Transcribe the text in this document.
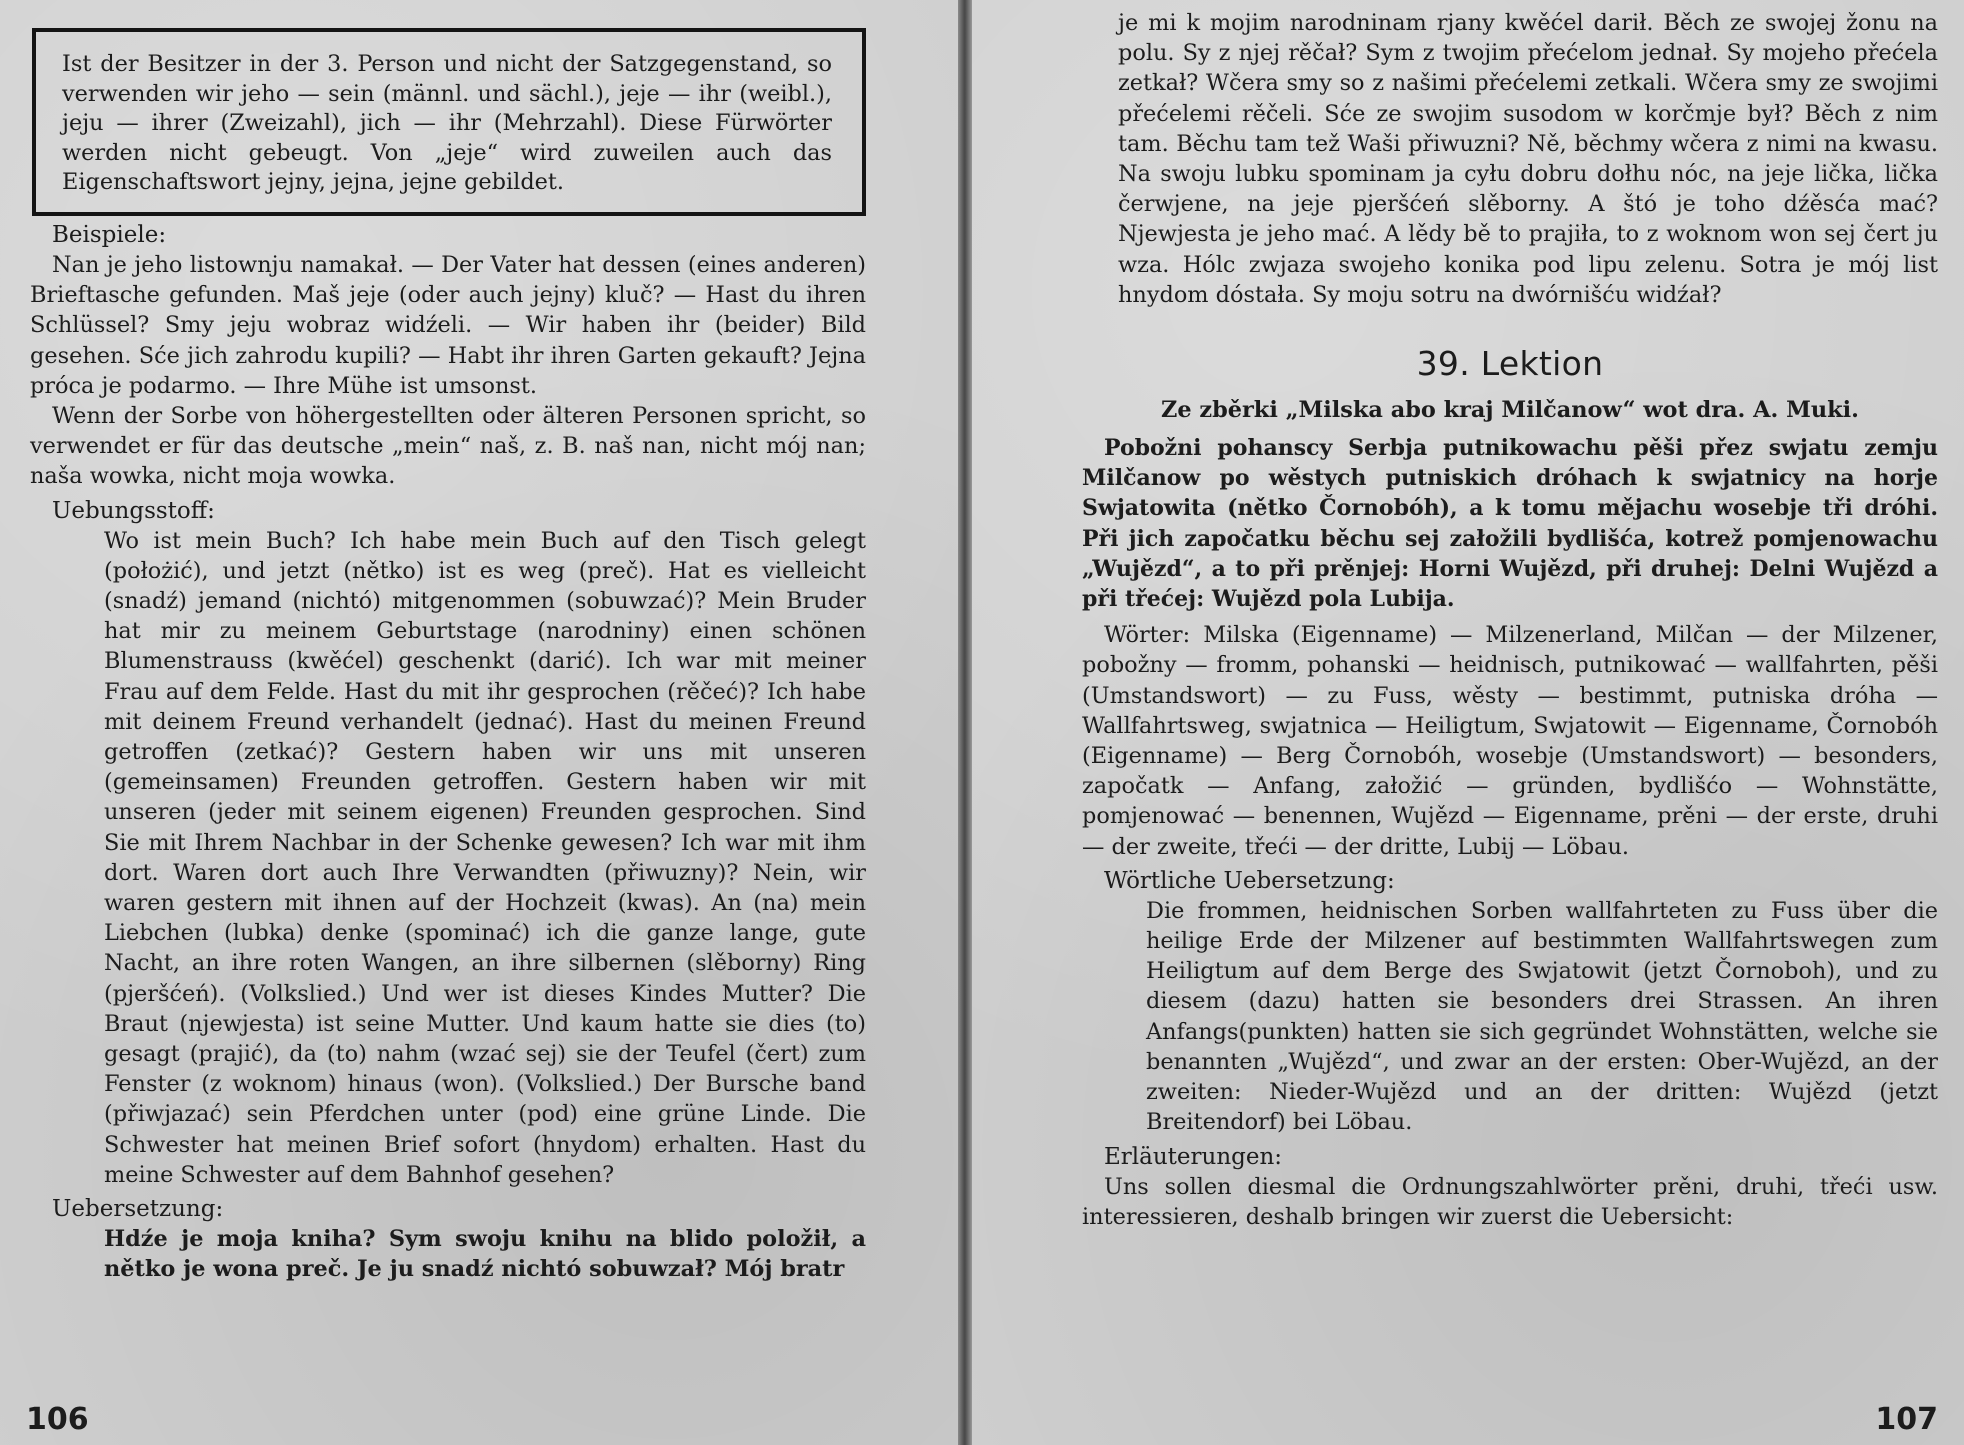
Ist der Besitzer in der 3. Person und nicht der Satzgegenstand, so verwenden wir jeho — sein (männl. und sächl.), jeje — ihr (weibl.), jeju — ihrer (Zweizahl), jich — ihr (Mehrzahl). Diese Fürwörter werden nicht gebeugt. Von „jeje“ wird zuweilen auch das Eigenschaftswort jejny, jejna, jejne gebildet.

Beispiele:

Nan je jeho listownju namakał. — Der Vater hat dessen (eines anderen) Brieftasche gefunden. Maš jeje (oder auch jejny) kluč? — Hast du ihren Schlüssel? Smy jeju wobraz widźeli. — Wir haben ihr (beider) Bild gesehen. Sće jich zahrodu kupili? — Habt ihr ihren Garten gekauft? Jejna próca je podarmo. — Ihre Mühe ist umsonst.

Wenn der Sorbe von höhergestellten oder älteren Personen spricht, so verwendet er für das deutsche „mein“ naš, z. B. naš nan, nicht mój nan; naša wowka, nicht moja wowka.

Uebungsstoff:

Wo ist mein Buch? Ich habe mein Buch auf den Tisch gelegt (położić), und jetzt (nětko) ist es weg (preč). Hat es vielleicht (snadź) jemand (nichtó) mitgenommen (sobuwzać)? Mein Bruder hat mir zu meinem Geburtstage (narodniny) einen schönen Blumenstrauss (kwěćel) geschenkt (darić). Ich war mit meiner Frau auf dem Felde. Hast du mit ihr gesprochen (rěčeć)? Ich habe mit deinem Freund verhandelt (jednać). Hast du meinen Freund getroffen (zetkać)? Gestern haben wir uns mit unseren (gemeinsamen) Freunden getroffen. Gestern haben wir mit unseren (jeder mit seinem eigenen) Freunden gesprochen. Sind Sie mit Ihrem Nachbar in der Schenke gewesen? Ich war mit ihm dort. Waren dort auch Ihre Verwandten (přiwuzny)? Nein, wir waren gestern mit ihnen auf der Hochzeit (kwas). An (na) mein Liebchen (lubka) denke (spominać) ich die ganze lange, gute Nacht, an ihre roten Wangen, an ihre silbernen (slěborny) Ring (pjeršćeń). (Volkslied.) Und wer ist dieses Kindes Mutter? Die Braut (njewjesta) ist seine Mutter. Und kaum hatte sie dies (to) gesagt (prajić), da (to) nahm (wzać sej) sie der Teufel (čert) zum Fenster (z woknom) hinaus (won). (Volkslied.) Der Bursche band (přiwjazać) sein Pferdchen unter (pod) eine grüne Linde. Die Schwester hat meinen Brief sofort (hnydom) erhalten. Hast du meine Schwester auf dem Bahnhof gesehen?

Uebersetzung:

Hdźe je moja kniha? Sym swoju knihu na blido položił, a nětko je wona preč. Je ju snadź nichtó sobuwzał? Mój bratr

106

je mi k mojim narodninam rjany kwěćel darił. Běch ze swojej žonu na polu. Sy z njej rěčał? Sym z twojim přećelom jednał. Sy mojeho přećela zetkał? Wčera smy so z našimi přećelemi zetkali. Wčera smy ze swojimi přećelemi rěčeli. Sće ze swojim susodom w korčmje był? Běch z nim tam. Běchu tam tež Waši přiwuzni? Ně, běchmy wčera z nimi na kwasu. Na swoju lubku spominam ja cyłu dobru dołhu nóc, na jeje lička, lička čerwjene, na jeje pjeršćeń slěborny. A štó je toho dźěsća mać? Njewjesta je jeho mać. A lědy bě to prajiła, to z woknom won sej čert ju wza. Hólc zwjaza swojeho konika pod lipu zelenu. Sotra je mój list hnydom dóstała. Sy moju sotru na dwórnišću widźał?

39. Lektion

Ze zběrki „Milska abo kraj Milčanow“ wot dra. A. Muki.

Pobožni pohanscy Serbja putnikowachu pěši přez swjatu zemju Milčanow po wěstych putniskich dróhach k swjatnicy na horje Swjatowita (nětko Čornobóh), a k tomu mějachu wosebje tři dróhi. Při jich započatku běchu sej załožili bydlišća, kotrež pomjenowachu „Wujězd“, a to při prěnjej: Horni Wujězd, při druhej: Delni Wujězd a při třećej: Wujězd pola Lubija.

Wörter: Milska (Eigenname) — Milzenerland, Milčan — der Milzener, pobožny — fromm, pohanski — heidnisch, putnikować — wallfahrten, pěši (Umstandswort) — zu Fuss, wěsty — bestimmt, putniska dróha — Wallfahrtsweg, swjatnica — Heiligtum, Swjatowit — Eigenname, Čornobóh (Eigenname) — Berg Čornobóh, wosebje (Umstandswort) — besonders, započatk — Anfang, załožić — gründen, bydlišćo — Wohnstätte, pomjenować — benennen, Wujězd — Eigenname, prěni — der erste, druhi — der zweite, třeći — der dritte, Lubij — Löbau.

Wörtliche Uebersetzung:

Die frommen, heidnischen Sorben wallfahrteten zu Fuss über die heilige Erde der Milzener auf bestimmten Wallfahrtswegen zum Heiligtum auf dem Berge des Swjatowit (jetzt Čornoboh), und zu diesem (dazu) hatten sie besonders drei Strassen. An ihren Anfangs(punkten) hatten sie sich gegründet Wohnstätten, welche sie benannten „Wujězd“, und zwar an der ersten: Ober-Wujězd, an der zweiten: Nieder-Wujězd und an der dritten: Wujězd (jetzt Breitendorf) bei Löbau.

Erläuterungen:

Uns sollen diesmal die Ordnungszahlwörter prěni, druhi, třeći usw. interessieren, deshalb bringen wir zuerst die Uebersicht:

107
